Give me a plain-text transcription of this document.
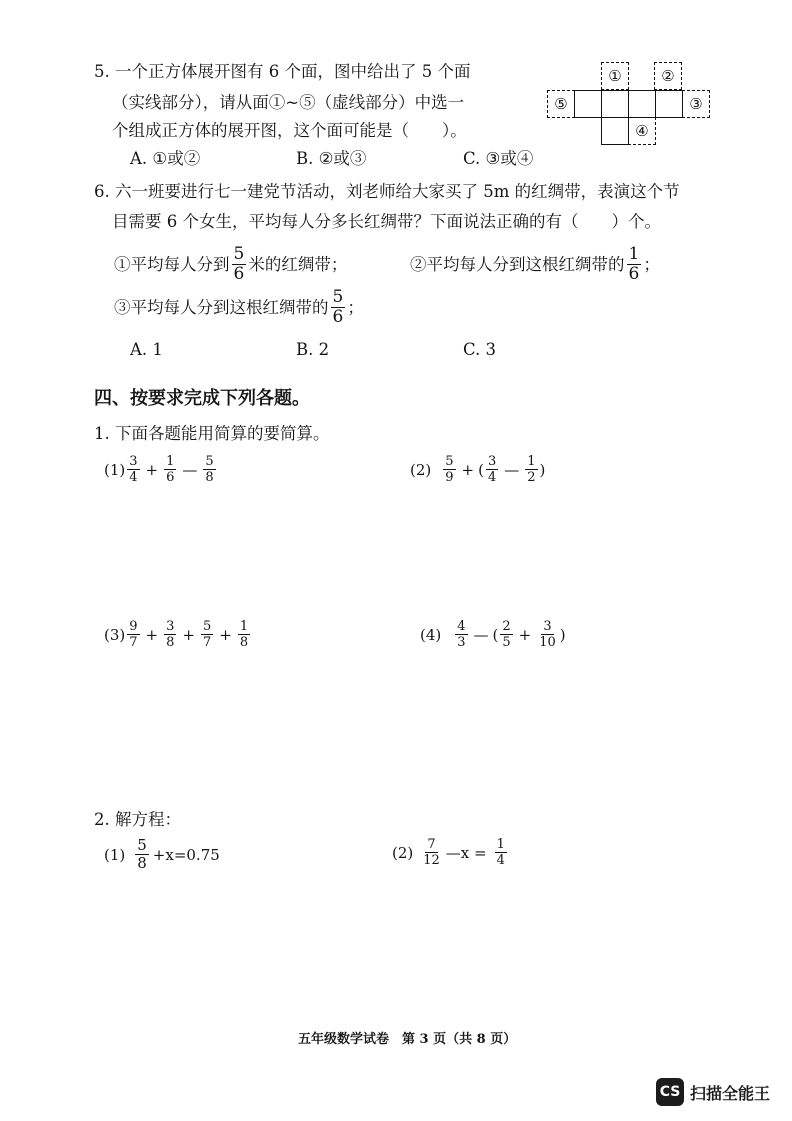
5. 一个正方体展开图有 6 个面，图中给出了 5 个面
（实线部分），请从面①~⑤（虚线部分）中选一
个组成正方体的展开图，这个面可能是（　　）。
A. ①或②	B. ②或③	C. ③或④
①	②
⑤	③
④
6. 六一班要进行七一建党节活动，刘老师给大家买了 5m 的红绸带，表演这个节
目需要 6 个女生，平均每人分多长红绸带？下面说法正确的有（　　）个。
①平均每人分到 $\frac{5}{6}$ 米的红绸带；	②平均每人分到这根红绸带的 $\frac{1}{6}$ ；
③平均每人分到这根红绸带的 $\frac{5}{6}$ ；
A. 1	B. 2	C. 3
四、按要求完成下列各题。
1. 下面各题能用简算的要简算。
$(1) \frac{3}{4} + \frac{1}{6}$ — $\frac{5}{8}$	$(2) \frac{5}{9}$ + ( $\frac{3}{4}$ — $\frac{1}{2}$ )
$(3) \frac{9}{7} + \frac{3}{8} + \frac{5}{7} + \frac{1}{8}$	$(4) \frac{4}{3}$ — ( $\frac{2}{5} + \frac{3}{10}$ )
2. 解方程：
$(1) \frac{5}{8} +x=0.75$	$(2) \frac{7}{12}$ —x = $\frac{1}{4}$
五年级数学试卷　第 3 页（共 8 页）
CS 扫描全能王
